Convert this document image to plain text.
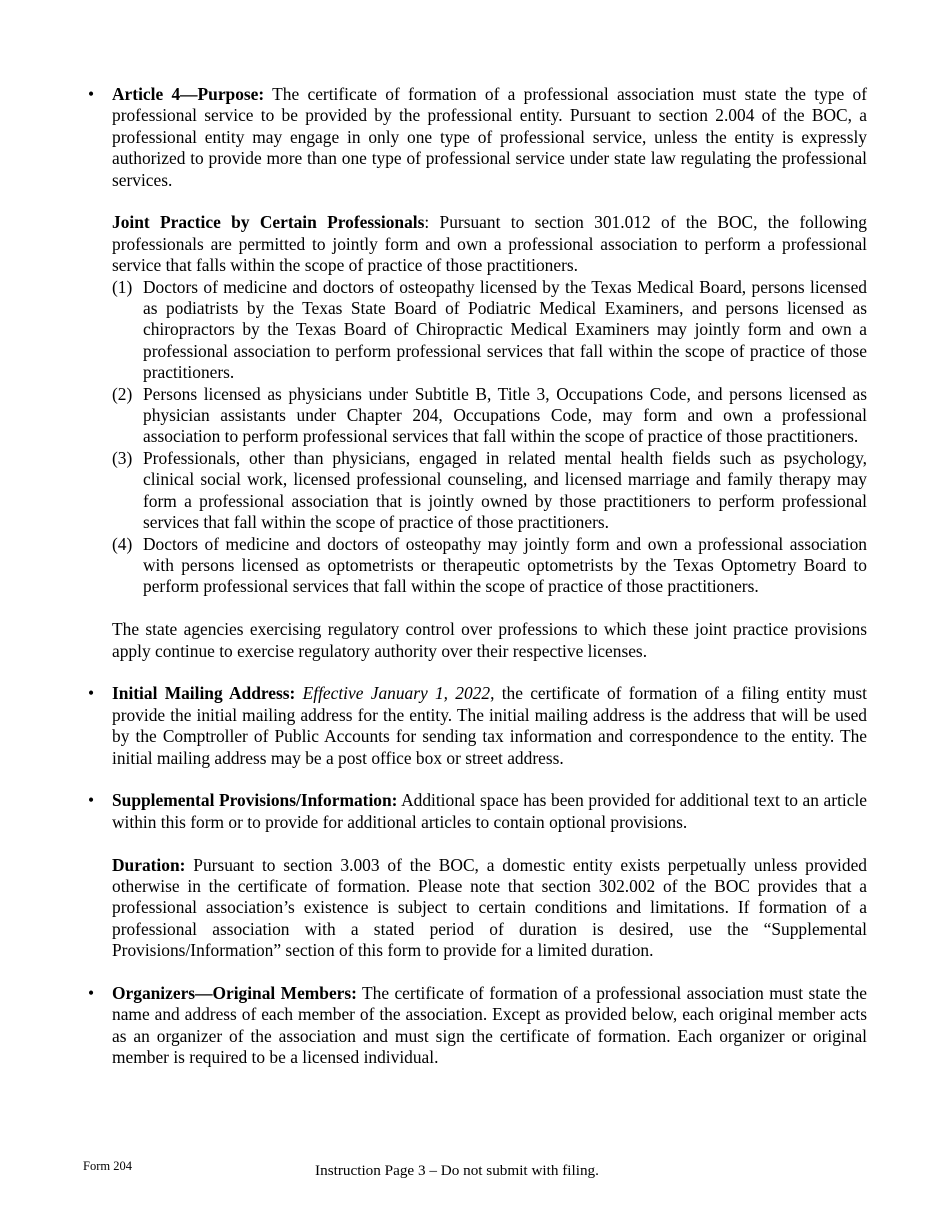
• Article 4—Purpose: The certificate of formation of a professional association must state the type of professional service to be provided by the professional entity. Pursuant to section 2.004 of the BOC, a professional entity may engage in only one type of professional service, unless the entity is expressly authorized to provide more than one type of professional service under state law regulating the professional services.

Joint Practice by Certain Professionals: Pursuant to section 301.012 of the BOC, the following professionals are permitted to jointly form and own a professional association to perform a professional service that falls within the scope of practice of those practitioners.

(1) Doctors of medicine and doctors of osteopathy licensed by the Texas Medical Board, persons licensed as podiatrists by the Texas State Board of Podiatric Medical Examiners, and persons licensed as chiropractors by the Texas Board of Chiropractic Medical Examiners may jointly form and own a professional association to perform professional services that fall within the scope of practice of those practitioners.
(2) Persons licensed as physicians under Subtitle B, Title 3, Occupations Code, and persons licensed as physician assistants under Chapter 204, Occupations Code, may form and own a professional association to perform professional services that fall within the scope of practice of those practitioners.
(3) Professionals, other than physicians, engaged in related mental health fields such as psychology, clinical social work, licensed professional counseling, and licensed marriage and family therapy may form a professional association that is jointly owned by those practitioners to perform professional services that fall within the scope of practice of those practitioners.
(4) Doctors of medicine and doctors of osteopathy may jointly form and own a professional association with persons licensed as optometrists or therapeutic optometrists by the Texas Optometry Board to perform professional services that fall within the scope of practice of those practitioners.

The state agencies exercising regulatory control over professions to which these joint practice provisions apply continue to exercise regulatory authority over their respective licenses.

• Initial Mailing Address: Effective January 1, 2022, the certificate of formation of a filing entity must provide the initial mailing address for the entity. The initial mailing address is the address that will be used by the Comptroller of Public Accounts for sending tax information and correspondence to the entity. The initial mailing address may be a post office box or street address.

• Supplemental Provisions/Information: Additional space has been provided for additional text to an article within this form or to provide for additional articles to contain optional provisions.

Duration: Pursuant to section 3.003 of the BOC, a domestic entity exists perpetually unless provided otherwise in the certificate of formation. Please note that section 302.002 of the BOC provides that a professional association’s existence is subject to certain conditions and limitations. If formation of a professional association with a stated period of duration is desired, use the “Supplemental Provisions/Information” section of this form to provide for a limited duration.

• Organizers—Original Members: The certificate of formation of a professional association must state the name and address of each member of the association. Except as provided below, each original member acts as an organizer of the association and must sign the certificate of formation. Each organizer or original member is required to be a licensed individual.

Form 204	Instruction Page 3 – Do not submit with filing.
